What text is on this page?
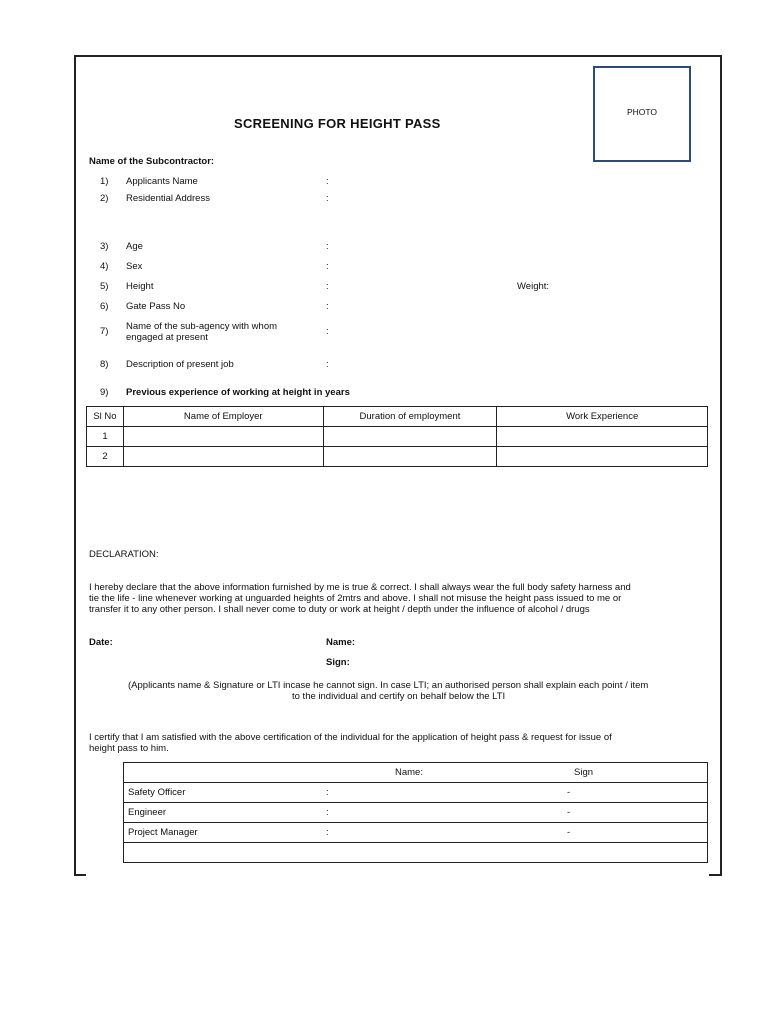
PHOTO
SCREENING FOR HEIGHT PASS
Name of the Subcontractor:
1) Applicants Name	:
2) Residential Address	:
3) Age	:
4) Sex	:
5) Height	:	Weight:
6) Gate Pass No	:
7) Name of the sub-agency with whom
engaged at present
:
8) Description of present job	:
9) Previous experience of working at height in years
Sl No	Name of Employer	Duration of employment	Work Experience
1			
2			
DECLARATION:
I hereby declare that the above information furnished by me is true & correct. I shall always wear the full body safety harness and
tie the life - line whenever working at unguarded heights of 2mtrs and above. I shall not misuse the height pass issued to me or
transfer it to any other person. I shall never come to duty or work at height / depth under the influence of alcohol / drugs
Date:	Name:
Sign:
(Applicants name & Signature or LTI incase he cannot sign. In case LTI; an authorised person shall explain each point / item
to the individual and certify on behalf below the LTI
I certify that I am satisfied with the above certification of the individual for the application of height pass & request for issue of
height pass to him.
Name:	Sign

Safety Officer	:	-

Engineer	:	-

Project Manager	:	-
